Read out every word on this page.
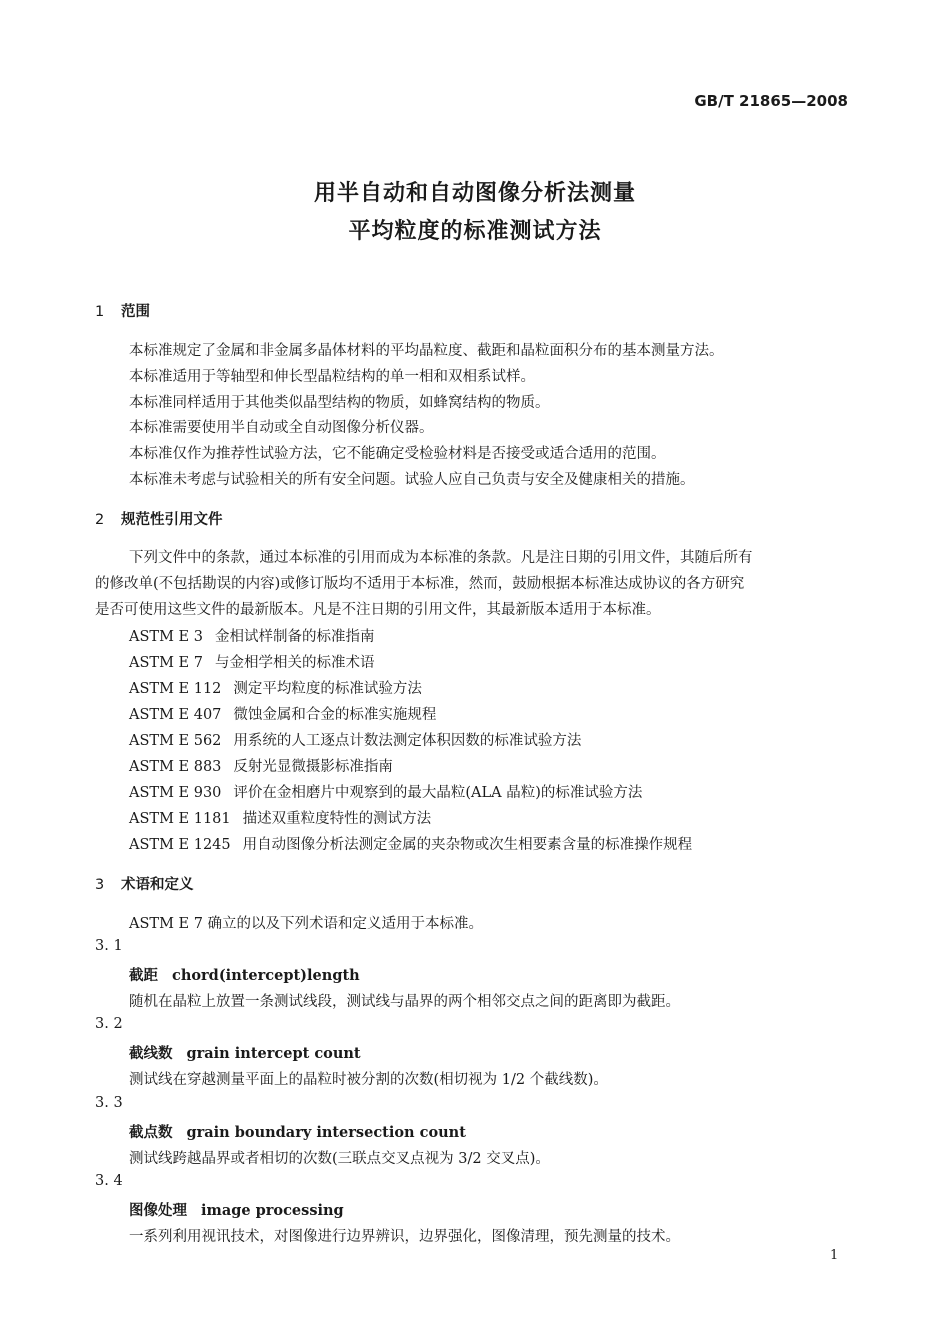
GB/T 21865—2008
用半自动和自动图像分析法测量
平均粒度的标准测试方法
1 范围
本标准规定了金属和非金属多晶体材料的平均晶粒度、截距和晶粒面积分布的基本测量方法。
本标准适用于等轴型和伸长型晶粒结构的单一相和双相系试样。
本标准同样适用于其他类似晶型结构的物质，如蜂窝结构的物质。
本标准需要使用半自动或全自动图像分析仪器。
本标准仅作为推荐性试验方法，它不能确定受检验材料是否接受或适合适用的范围。
本标准未考虑与试验相关的所有安全问题。试验人应自己负责与安全及健康相关的措施。
2 规范性引用文件
下列文件中的条款，通过本标准的引用而成为本标准的条款。凡是注日期的引用文件，其随后所有
的修改单(不包括勘误的内容)或修订版均不适用于本标准，然而，鼓励根据本标准达成协议的各方研究
是否可使用这些文件的最新版本。凡是不注日期的引用文件，其最新版本适用于本标准。
ASTM E 3 金相试样制备的标准指南
ASTM E 7 与金相学相关的标准术语
ASTM E 112 测定平均粒度的标准试验方法
ASTM E 407 微蚀金属和合金的标准实施规程
ASTM E 562 用系统的人工逐点计数法测定体积因数的标准试验方法
ASTM E 883 反射光显微摄影标准指南
ASTM E 930 评价在金相磨片中观察到的最大晶粒(ALA 晶粒)的标准试验方法
ASTM E 1181 描述双重粒度特性的测试方法
ASTM E 1245 用自动图像分析法测定金属的夹杂物或次生相要素含量的标准操作规程
3 术语和定义
ASTM E 7 确立的以及下列术语和定义适用于本标准。
3. 1
截距 chord(intercept)length
随机在晶粒上放置一条测试线段，测试线与晶界的两个相邻交点之间的距离即为截距。
3. 2
截线数 grain intercept count
测试线在穿越测量平面上的晶粒时被分割的次数(相切视为 1/2 个截线数)。
3. 3
截点数 grain boundary intersection count
测试线跨越晶界或者相切的次数(三联点交叉点视为 3/2 交叉点)。
3. 4
图像处理 image processing
一系列利用视讯技术，对图像进行边界辨识，边界强化，图像清理，预先测量的技术。
1
